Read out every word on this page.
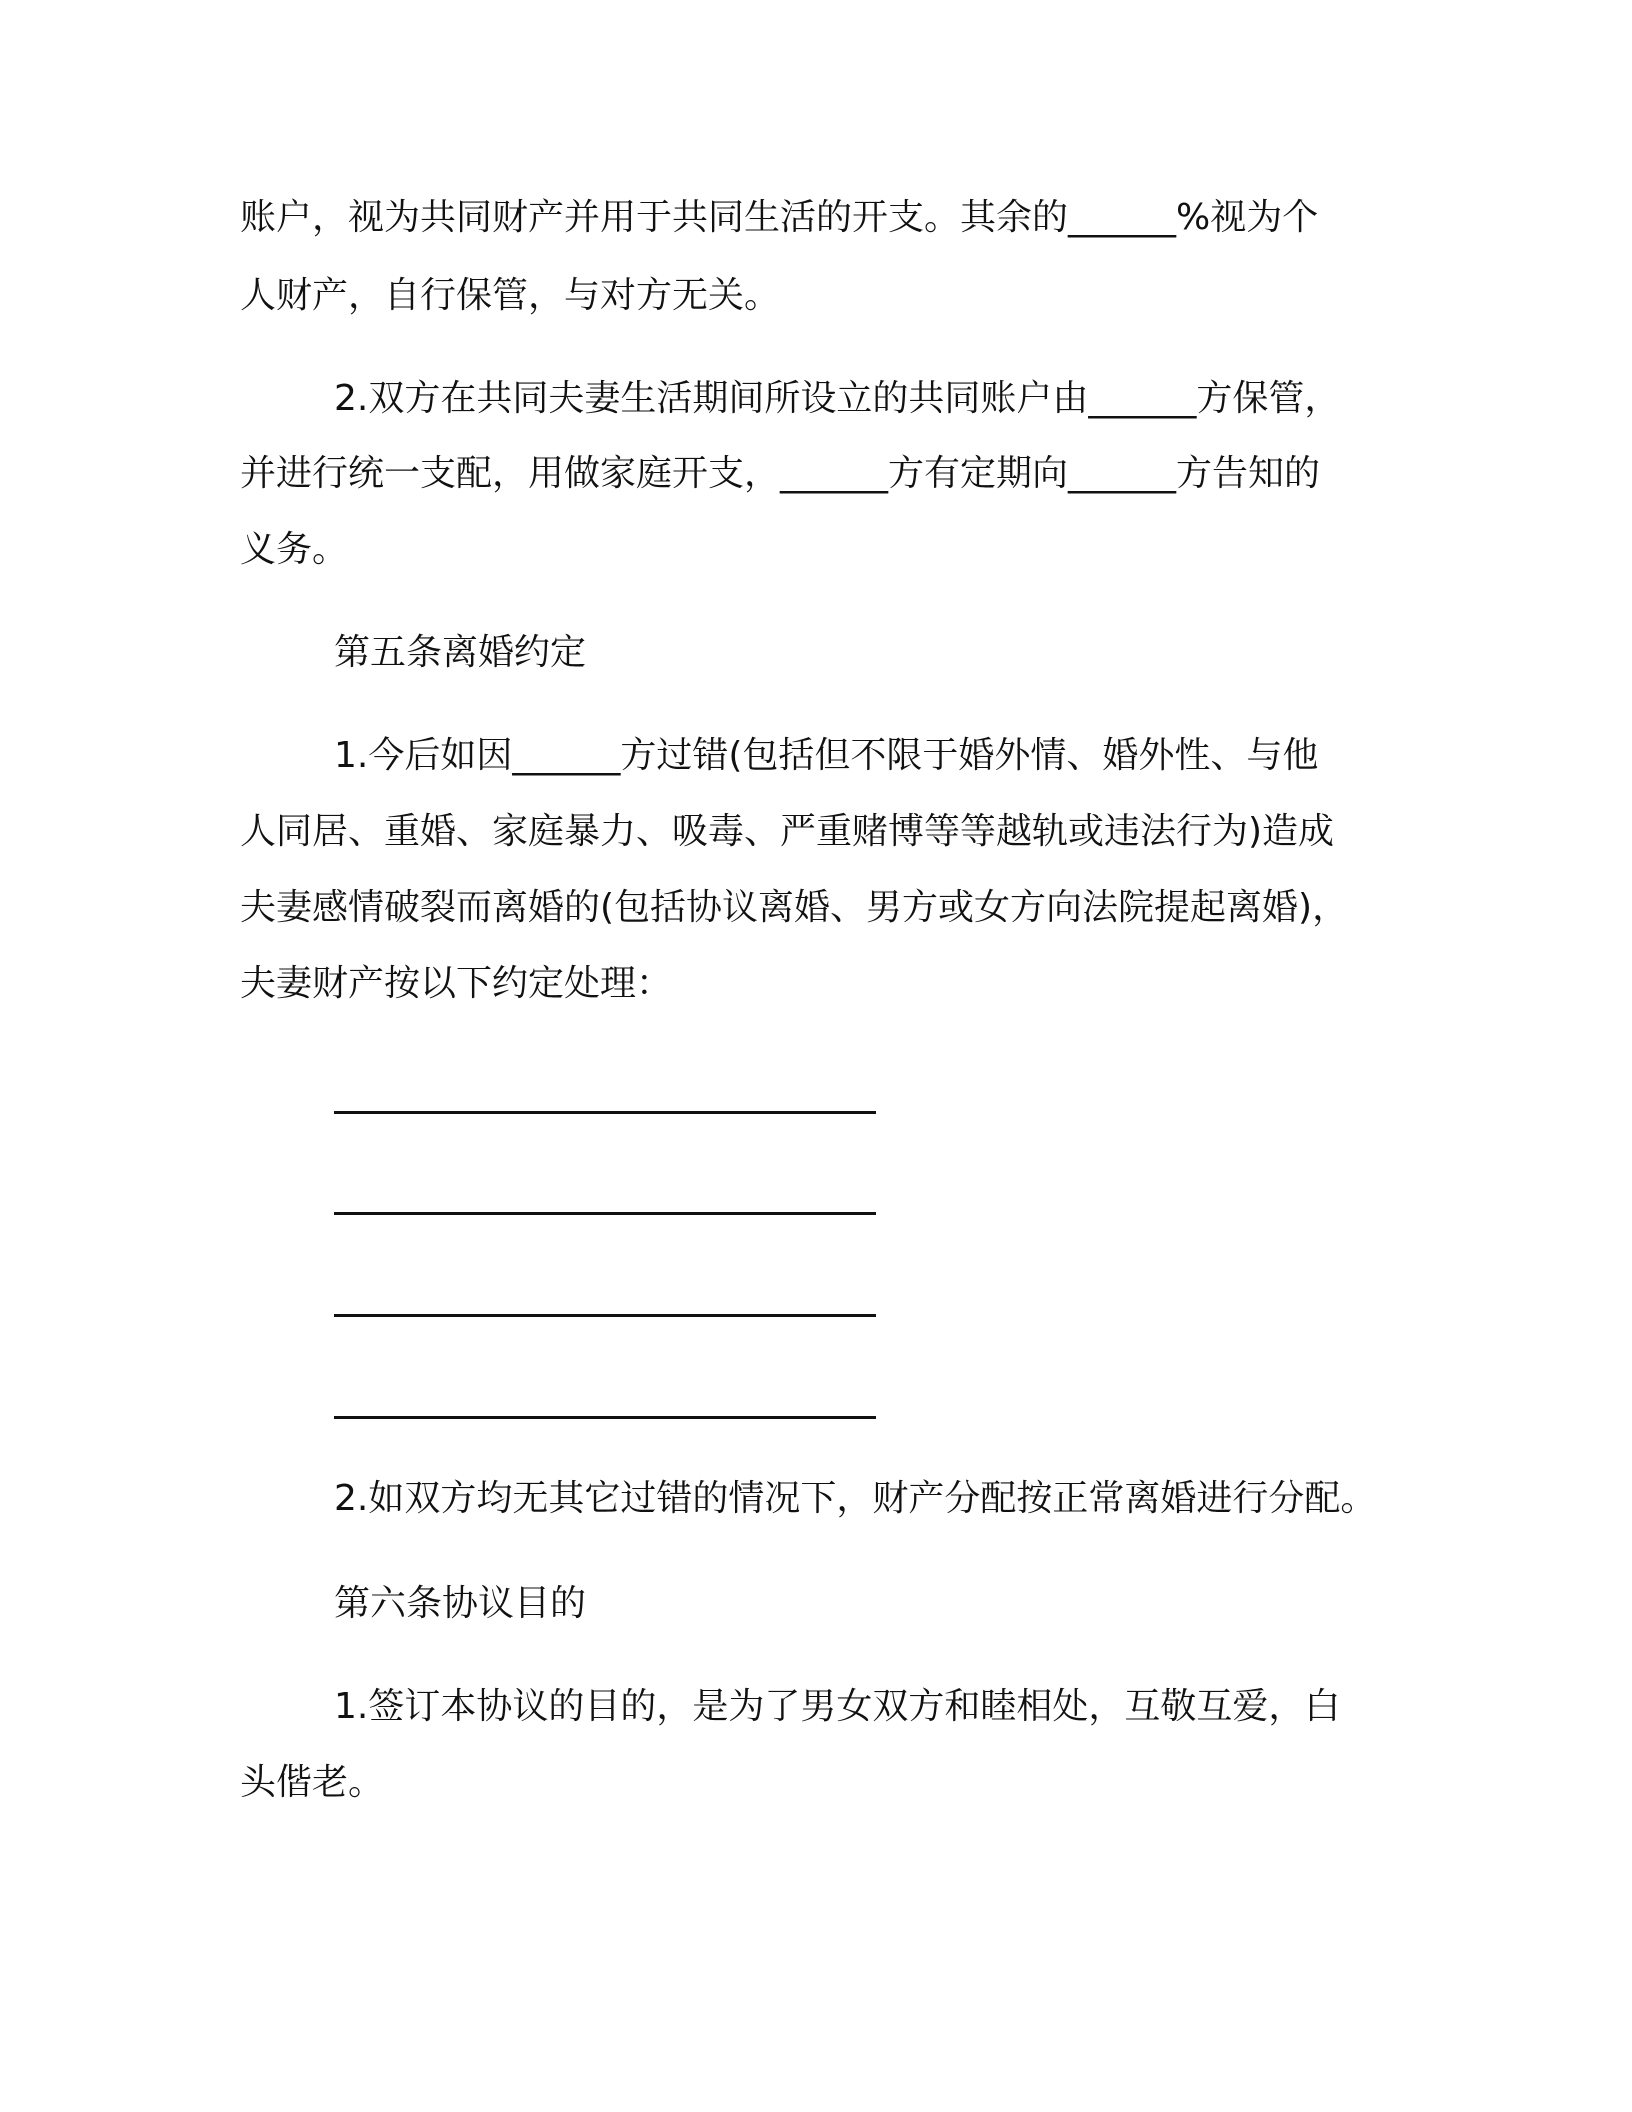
账户，视为共同财产并用于共同生活的开支。其余的______%视为个
人财产，自行保管，与对方无关。
2.双方在共同夫妻生活期间所设立的共同账户由______方保管，
并进行统一支配，用做家庭开支，______方有定期向______方告知的
义务。
第五条离婚约定
1.今后如因______方过错(包括但不限于婚外情、婚外性、与他
人同居、重婚、家庭暴力、吸毒、严重赌博等等越轨或违法行为)造成
夫妻感情破裂而离婚的(包括协议离婚、男方或女方向法院提起离婚)，
夫妻财产按以下约定处理：
2.如双方均无其它过错的情况下，财产分配按正常离婚进行分配。
第六条协议目的
1.签订本协议的目的，是为了男女双方和睦相处，互敬互爱，白
头偕老。
